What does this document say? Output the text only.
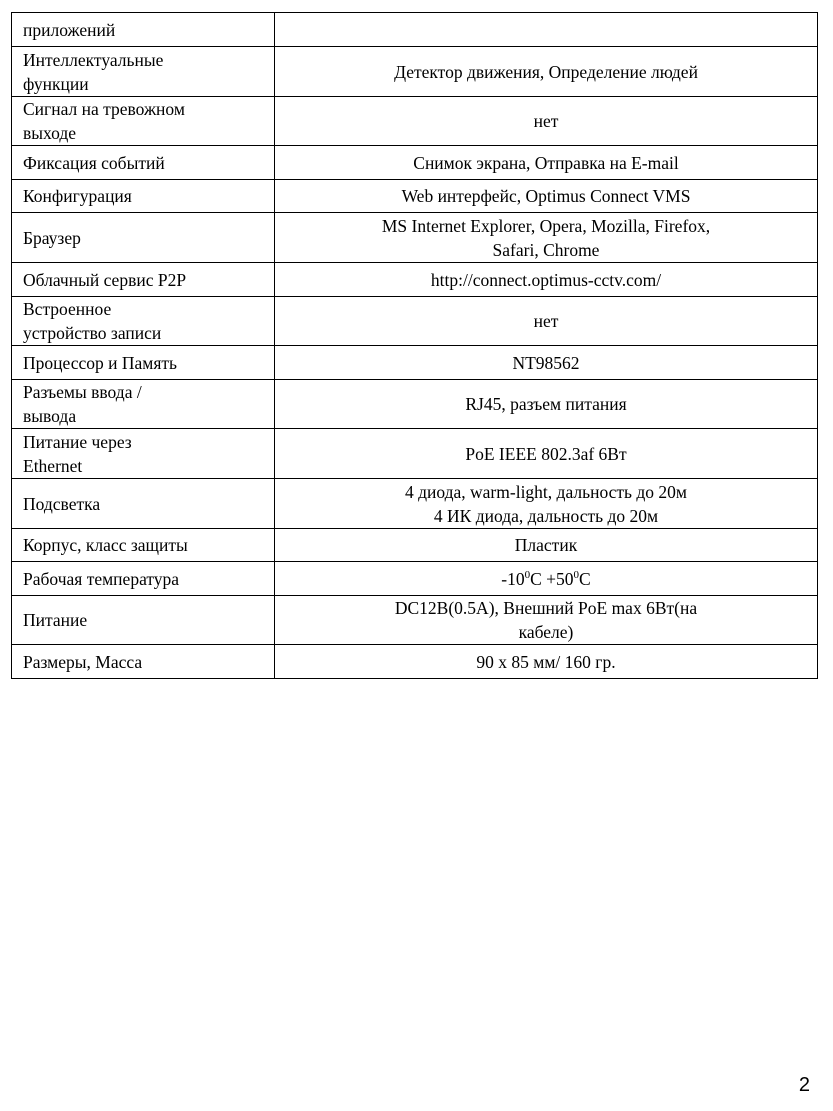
приложений	

Интеллектуальные
функции	Детектор движения, Определение людей

Сигнал на тревожном
выходе	нет

Фиксация событий	Снимок экрана, Отправка на E-mail

Конфигурация	Web интерфейс, Optimus Connect VMS

Браузер	MS Internet Explorer, Opera, Mozilla, Firefox,
Safari, Chrome

Облачный сервис P2P	http://connect.optimus-cctv.com/

Встроенное
устройство записи	нет

Процессор и Память	NT98562

Разъемы ввода /
вывода	RJ45, разъем питания

Питание через
Ethernet	PoE IEEE 802.3af 6Вт

Подсветка	4 диода, warm-light, дальность до 20м
4 ИК диода, дальность до 20м

Корпус, класс защиты	Пластик

Рабочая температура	$-10^0C +50^0C$

Питание	DC12В(0.5А), Внешний PoE max 6Вт(на
кабеле)

Размеры, Масса	90 х 85 мм/ 160 гр.
2
